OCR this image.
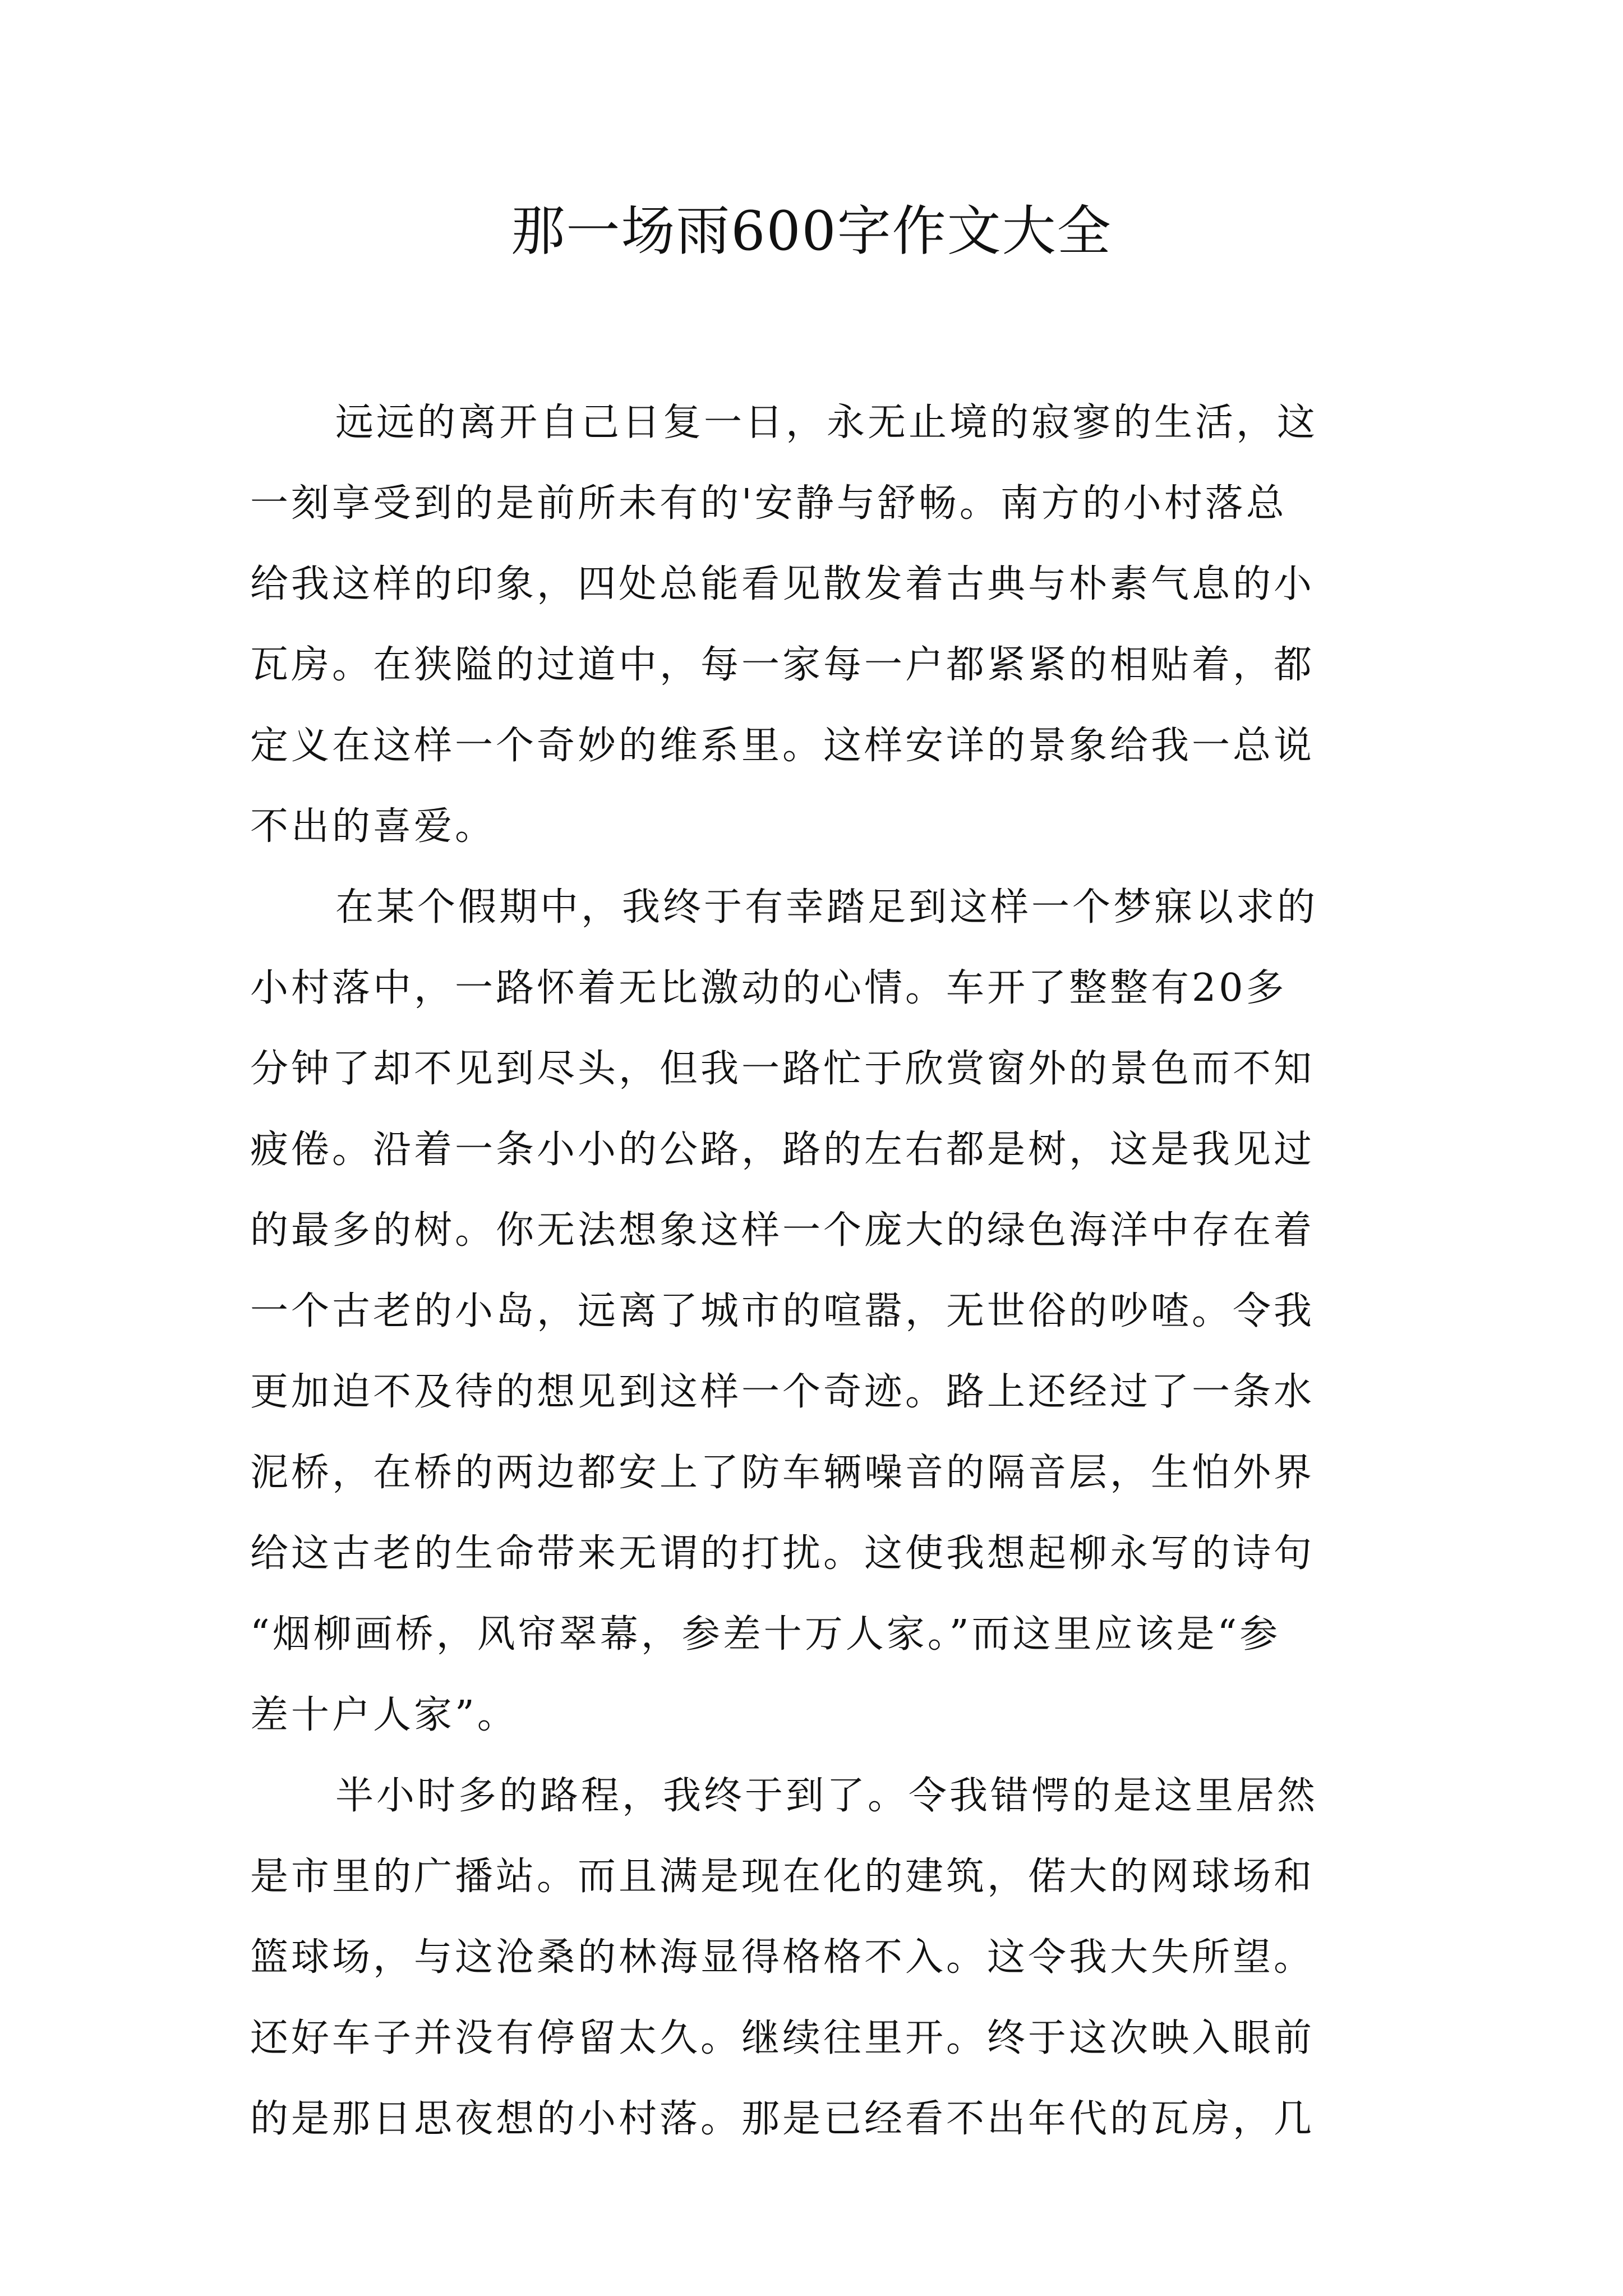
那一场雨600字作文大全
远远的离开自己日复一日，永无止境的寂寥的生活，这
一刻享受到的是前所未有的'安静与舒畅。南方的小村落总
给我这样的印象，四处总能看见散发着古典与朴素气息的小
瓦房。在狭隘的过道中，每一家每一户都紧紧的相贴着，都
定义在这样一个奇妙的维系里。这样安详的景象给我一总说
不出的喜爱。
在某个假期中，我终于有幸踏足到这样一个梦寐以求的
小村落中，一路怀着无比激动的心情。车开了整整有20多
分钟了却不见到尽头，但我一路忙于欣赏窗外的景色而不知
疲倦。沿着一条小小的公路，路的左右都是树，这是我见过
的最多的树。你无法想象这样一个庞大的绿色海洋中存在着
一个古老的小岛，远离了城市的喧嚣，无世俗的吵喳。令我
更加迫不及待的想见到这样一个奇迹。路上还经过了一条水
泥桥，在桥的两边都安上了防车辆噪音的隔音层，生怕外界
给这古老的生命带来无谓的打扰。这使我想起柳永写的诗句
“烟柳画桥，风帘翠幕，参差十万人家。”而这里应该是“参
差十户人家”。
半小时多的路程，我终于到了。令我错愕的是这里居然
是市里的广播站。而且满是现在化的建筑，偌大的网球场和
篮球场，与这沧桑的林海显得格格不入。这令我大失所望。
还好车子并没有停留太久。继续往里开。终于这次映入眼前
的是那日思夜想的小村落。那是已经看不出年代的瓦房，几
